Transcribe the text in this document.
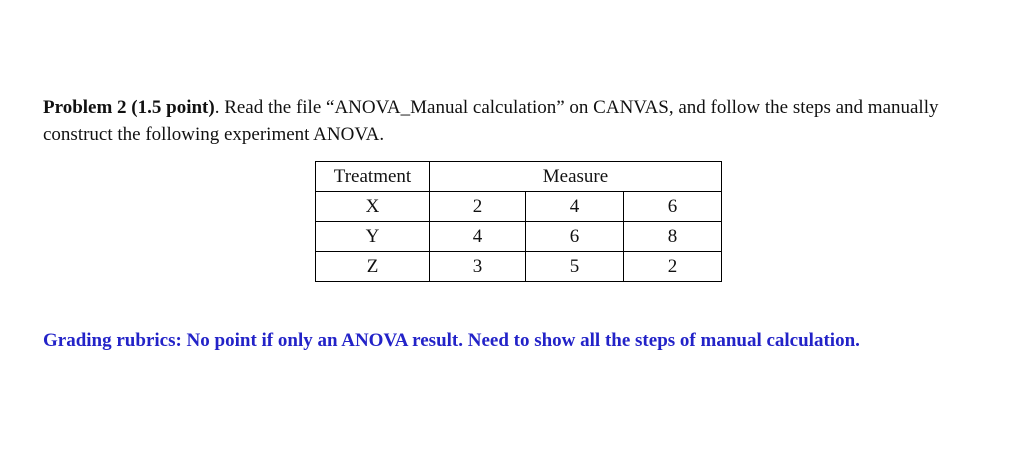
Problem 2 (1.5 point). Read the file “ANOVA_Manual calculation” on CANVAS, and follow the steps and manually construct the following experiment ANOVA.

Treatment	Measure		
X	2	4	6
Y	4	6	8
Z	3	5	2

Grading rubrics: No point if only an ANOVA result. Need to show all the steps of manual calculation.
